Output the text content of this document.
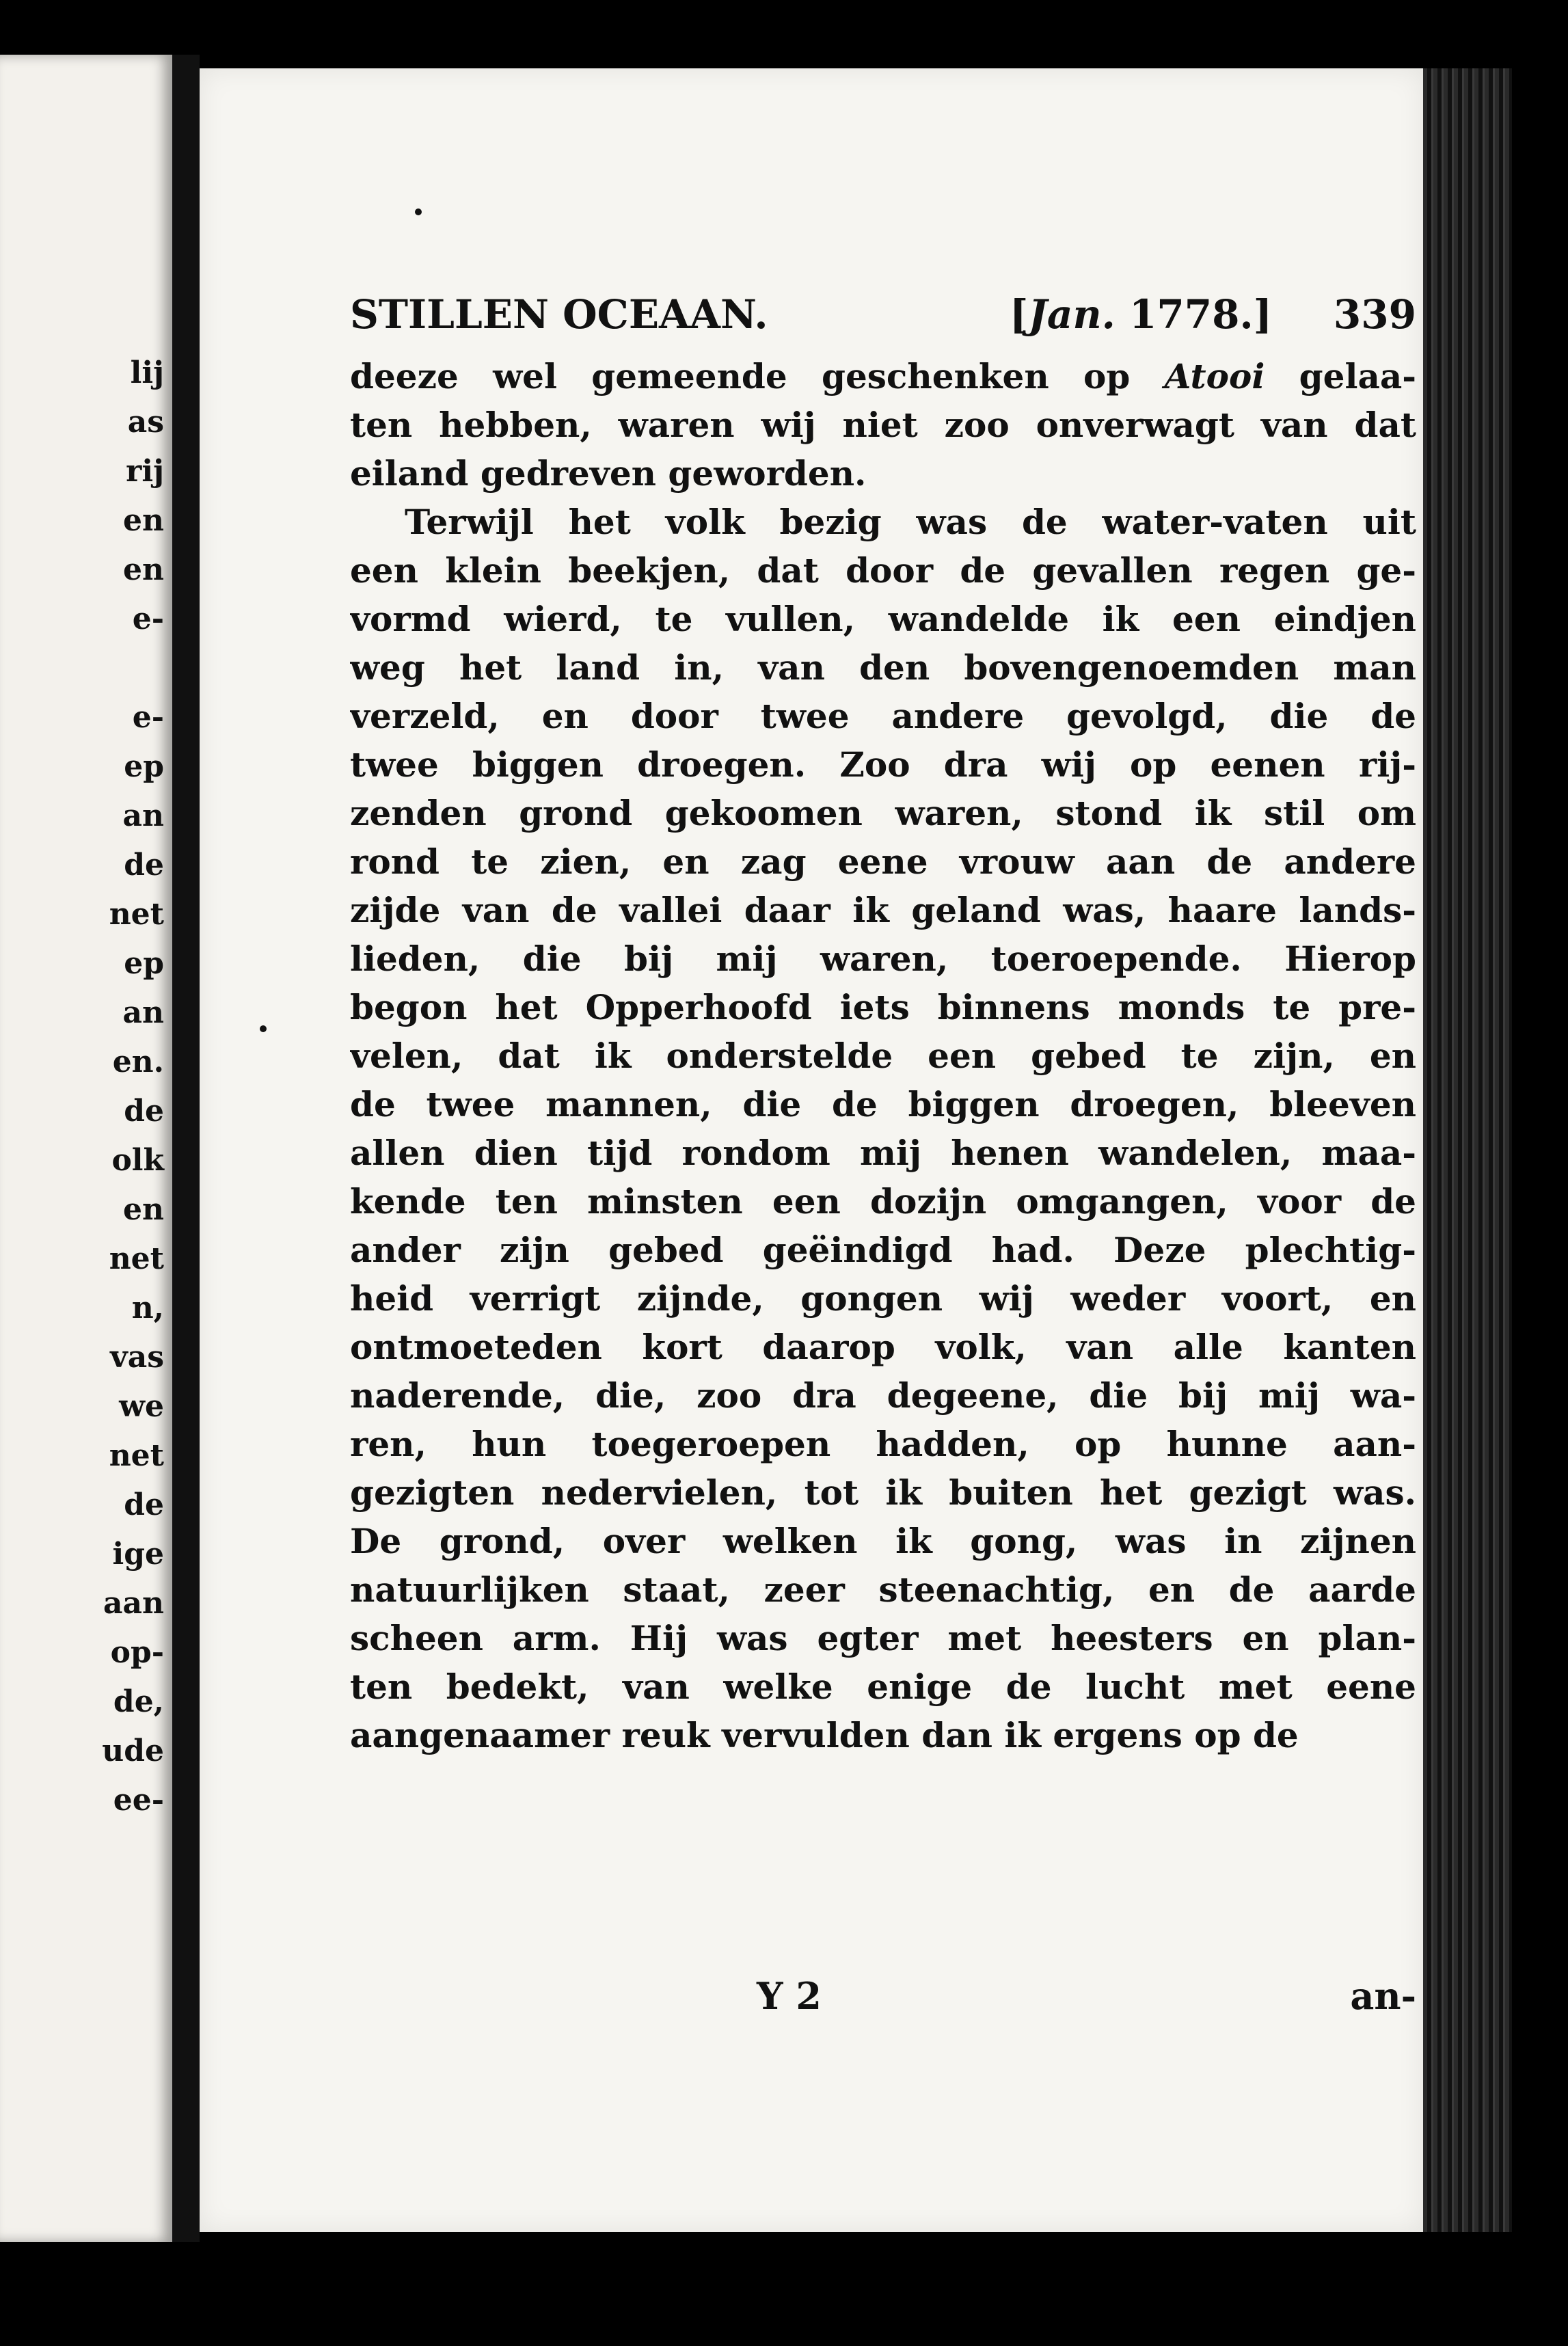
lij
as
rij
en
en
e-
e-
ep
an
de
net
ep
an
en.
de
olk
en
net
n,
vas
we
net
de
ige
aan
op-
de,
ude
ee-
STILLEN OCEAAN.	[Jan. 1778.] 339
deeze wel gemeende geschenken op Atooi gelaa-
ten hebben, waren wij niet zoo onverwagt van dat
eiland gedreven geworden.
Terwijl het volk bezig was de water-vaten uit
een klein beekjen, dat door de gevallen regen ge-
vormd wierd, te vullen, wandelde ik een eindjen
weg het land in, van den bovengenoemden man
verzeld, en door twee andere gevolgd, die de
twee biggen droegen. Zoo dra wij op eenen rij-
zenden grond gekoomen waren, stond ik stil om
rond te zien, en zag eene vrouw aan de andere
zijde van de vallei daar ik geland was, haare lands-
lieden, die bij mij waren, toeroepende. Hierop
begon het Opperhoofd iets binnens monds te pre-
velen, dat ik onderstelde een gebed te zijn, en
de twee mannen, die de biggen droegen, bleeven
allen dien tijd rondom mij henen wandelen, maa-
kende ten minsten een dozijn omgangen, voor de
ander zijn gebed geëindigd had. Deze plechtig-
heid verrigt zijnde, gongen wij weder voort, en
ontmoeteden kort daarop volk, van alle kanten
naderende, die, zoo dra degeene, die bij mij wa-
ren, hun toegeroepen hadden, op hunne aan-
gezigten nedervielen, tot ik buiten het gezigt was.
De grond, over welken ik gong, was in zijnen
natuurlijken staat, zeer steenachtig, en de aarde
scheen arm. Hij was egter met heesters en plan-
ten bedekt, van welke enige de lucht met eene
aangenaamer reuk vervulden dan ik ergens op de
Y 2	an-
